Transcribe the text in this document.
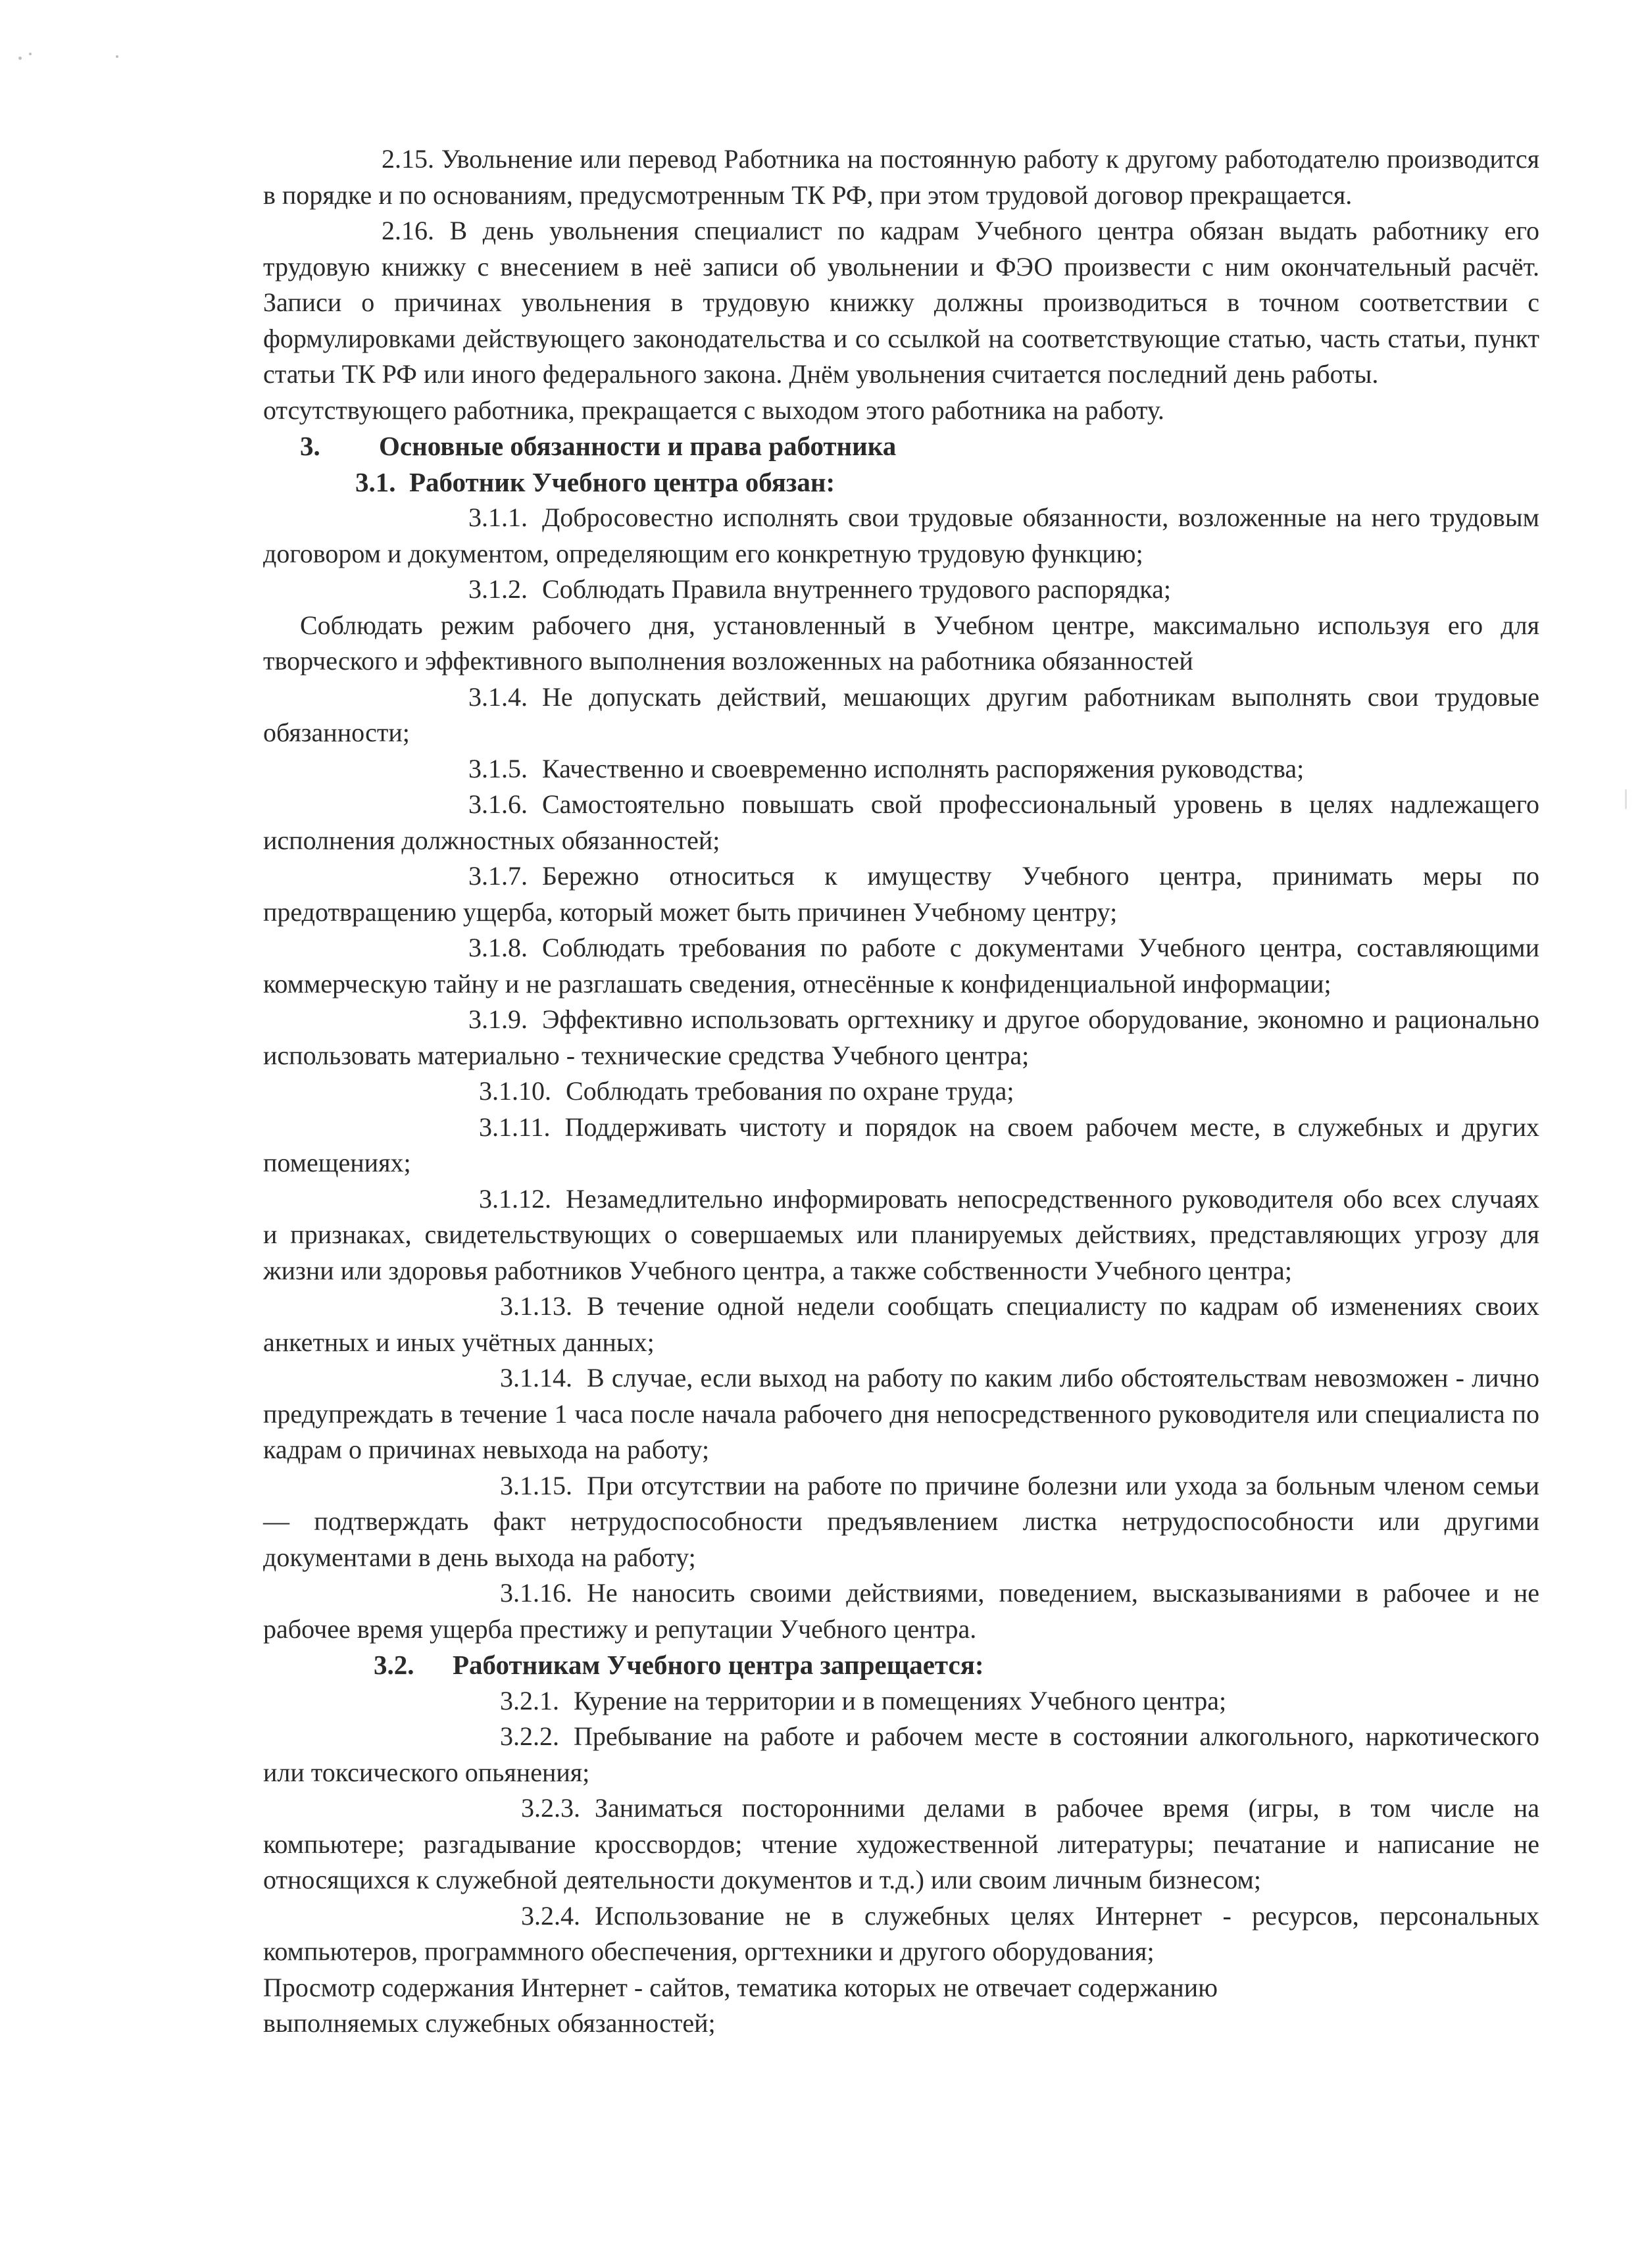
2.15. Увольнение или перевод Работника на постоянную работу к другому работодателю производится в порядке и по основаниям, предусмотренным ТК РФ, при этом трудовой договор прекращается.

2.16. В день увольнения специалист по кадрам Учебного центра обязан выдать работнику его трудовую книжку с внесением в неё записи об увольнении и ФЭО произвести с ним окончательный расчёт. Записи о причинах увольнения в трудовую книжку должны производиться в точном соответствии с формулировками действующего законодательства и со ссылкой на соответствующие статью, часть статьи, пункт статьи ТК РФ или иного федерального закона. Днём увольнения считается последний день работы.

отсутствующего работника, прекращается с выходом этого работника на работу.

3. Основные обязанности и права работника

3.1.  Работник Учебного центра обязан:

3.1.1. Добросовестно исполнять свои трудовые обязанности, возложенные на него трудовым договором и документом, определяющим его конкретную трудовую функцию;

3.1.2. Соблюдать Правила внутреннего трудового распорядка;

Соблюдать режим рабочего дня, установленный в Учебном центре, максимально используя его для творческого и эффективного выполнения возложенных на работника обязанностей

3.1.4. Не допускать действий, мешающих другим работникам выполнять свои трудовые обязанности;

3.1.5. Качественно и своевременно исполнять распоряжения руководства;

3.1.6. Самостоятельно повышать свой профессиональный уровень в целях надлежащего исполнения должностных обязанностей;

3.1.7. Бережно относиться к имуществу Учебного центра, принимать меры по предотвращению ущерба, который может быть причинен Учебному центру;

3.1.8. Соблюдать требования по работе с документами Учебного центра, составляющими коммерческую тайну и не разглашать сведения, отнесённые к конфиденциальной информации;

3.1.9. Эффективно использовать оргтехнику и другое оборудование, экономно и рационально использовать материально - технические средства Учебного центра;

3.1.10. Соблюдать требования по охране труда;

3.1.11. Поддерживать чистоту и порядок на своем рабочем месте, в служебных и других помещениях;

3.1.12. Незамедлительно информировать непосредственного руководителя обо всех случаях и признаках, свидетельствующих о совершаемых или планируемых действиях, представляющих угрозу для жизни или здоровья работников Учебного центра, а также собственности Учебного центра;

3.1.13. В течение одной недели сообщать специалисту по кадрам об изменениях своих анкетных и иных учётных данных;

3.1.14. В случае, если выход на работу по каким либо обстоятельствам невозможен - лично предупреждать в течение 1 часа после начала рабочего дня непосредственного руководителя или специалиста по кадрам о причинах невыхода на работу;

3.1.15. При отсутствии на работе по причине болезни или ухода за больным членом семьи — подтверждать факт нетрудоспособности предъявлением листка нетрудоспособности или другими документами в день выхода на работу;

3.1.16. Не наносить своими действиями, поведением, высказываниями в рабочее и не рабочее время ущерба престижу и репутации Учебного центра.

3.2. Работникам Учебного центра запрещается:

3.2.1. Курение на территории и в помещениях Учебного центра;

3.2.2. Пребывание на работе и рабочем месте в состоянии алкогольного, наркотического или токсического опьянения;

3.2.3. Заниматься посторонними делами в рабочее время (игры, в том числе на компьютере; разгадывание кроссвордов; чтение художественной литературы; печатание и написание не относящихся к служебной деятельности документов и т.д.) или своим личным бизнесом;

3.2.4. Использование не в служебных целях Интернет - ресурсов, персональных компьютеров, программного обеспечения, оргтехники и другого оборудования;

Просмотр содержания Интернет - сайтов, тематика которых не отвечает содержанию выполняемых служебных обязанностей;
